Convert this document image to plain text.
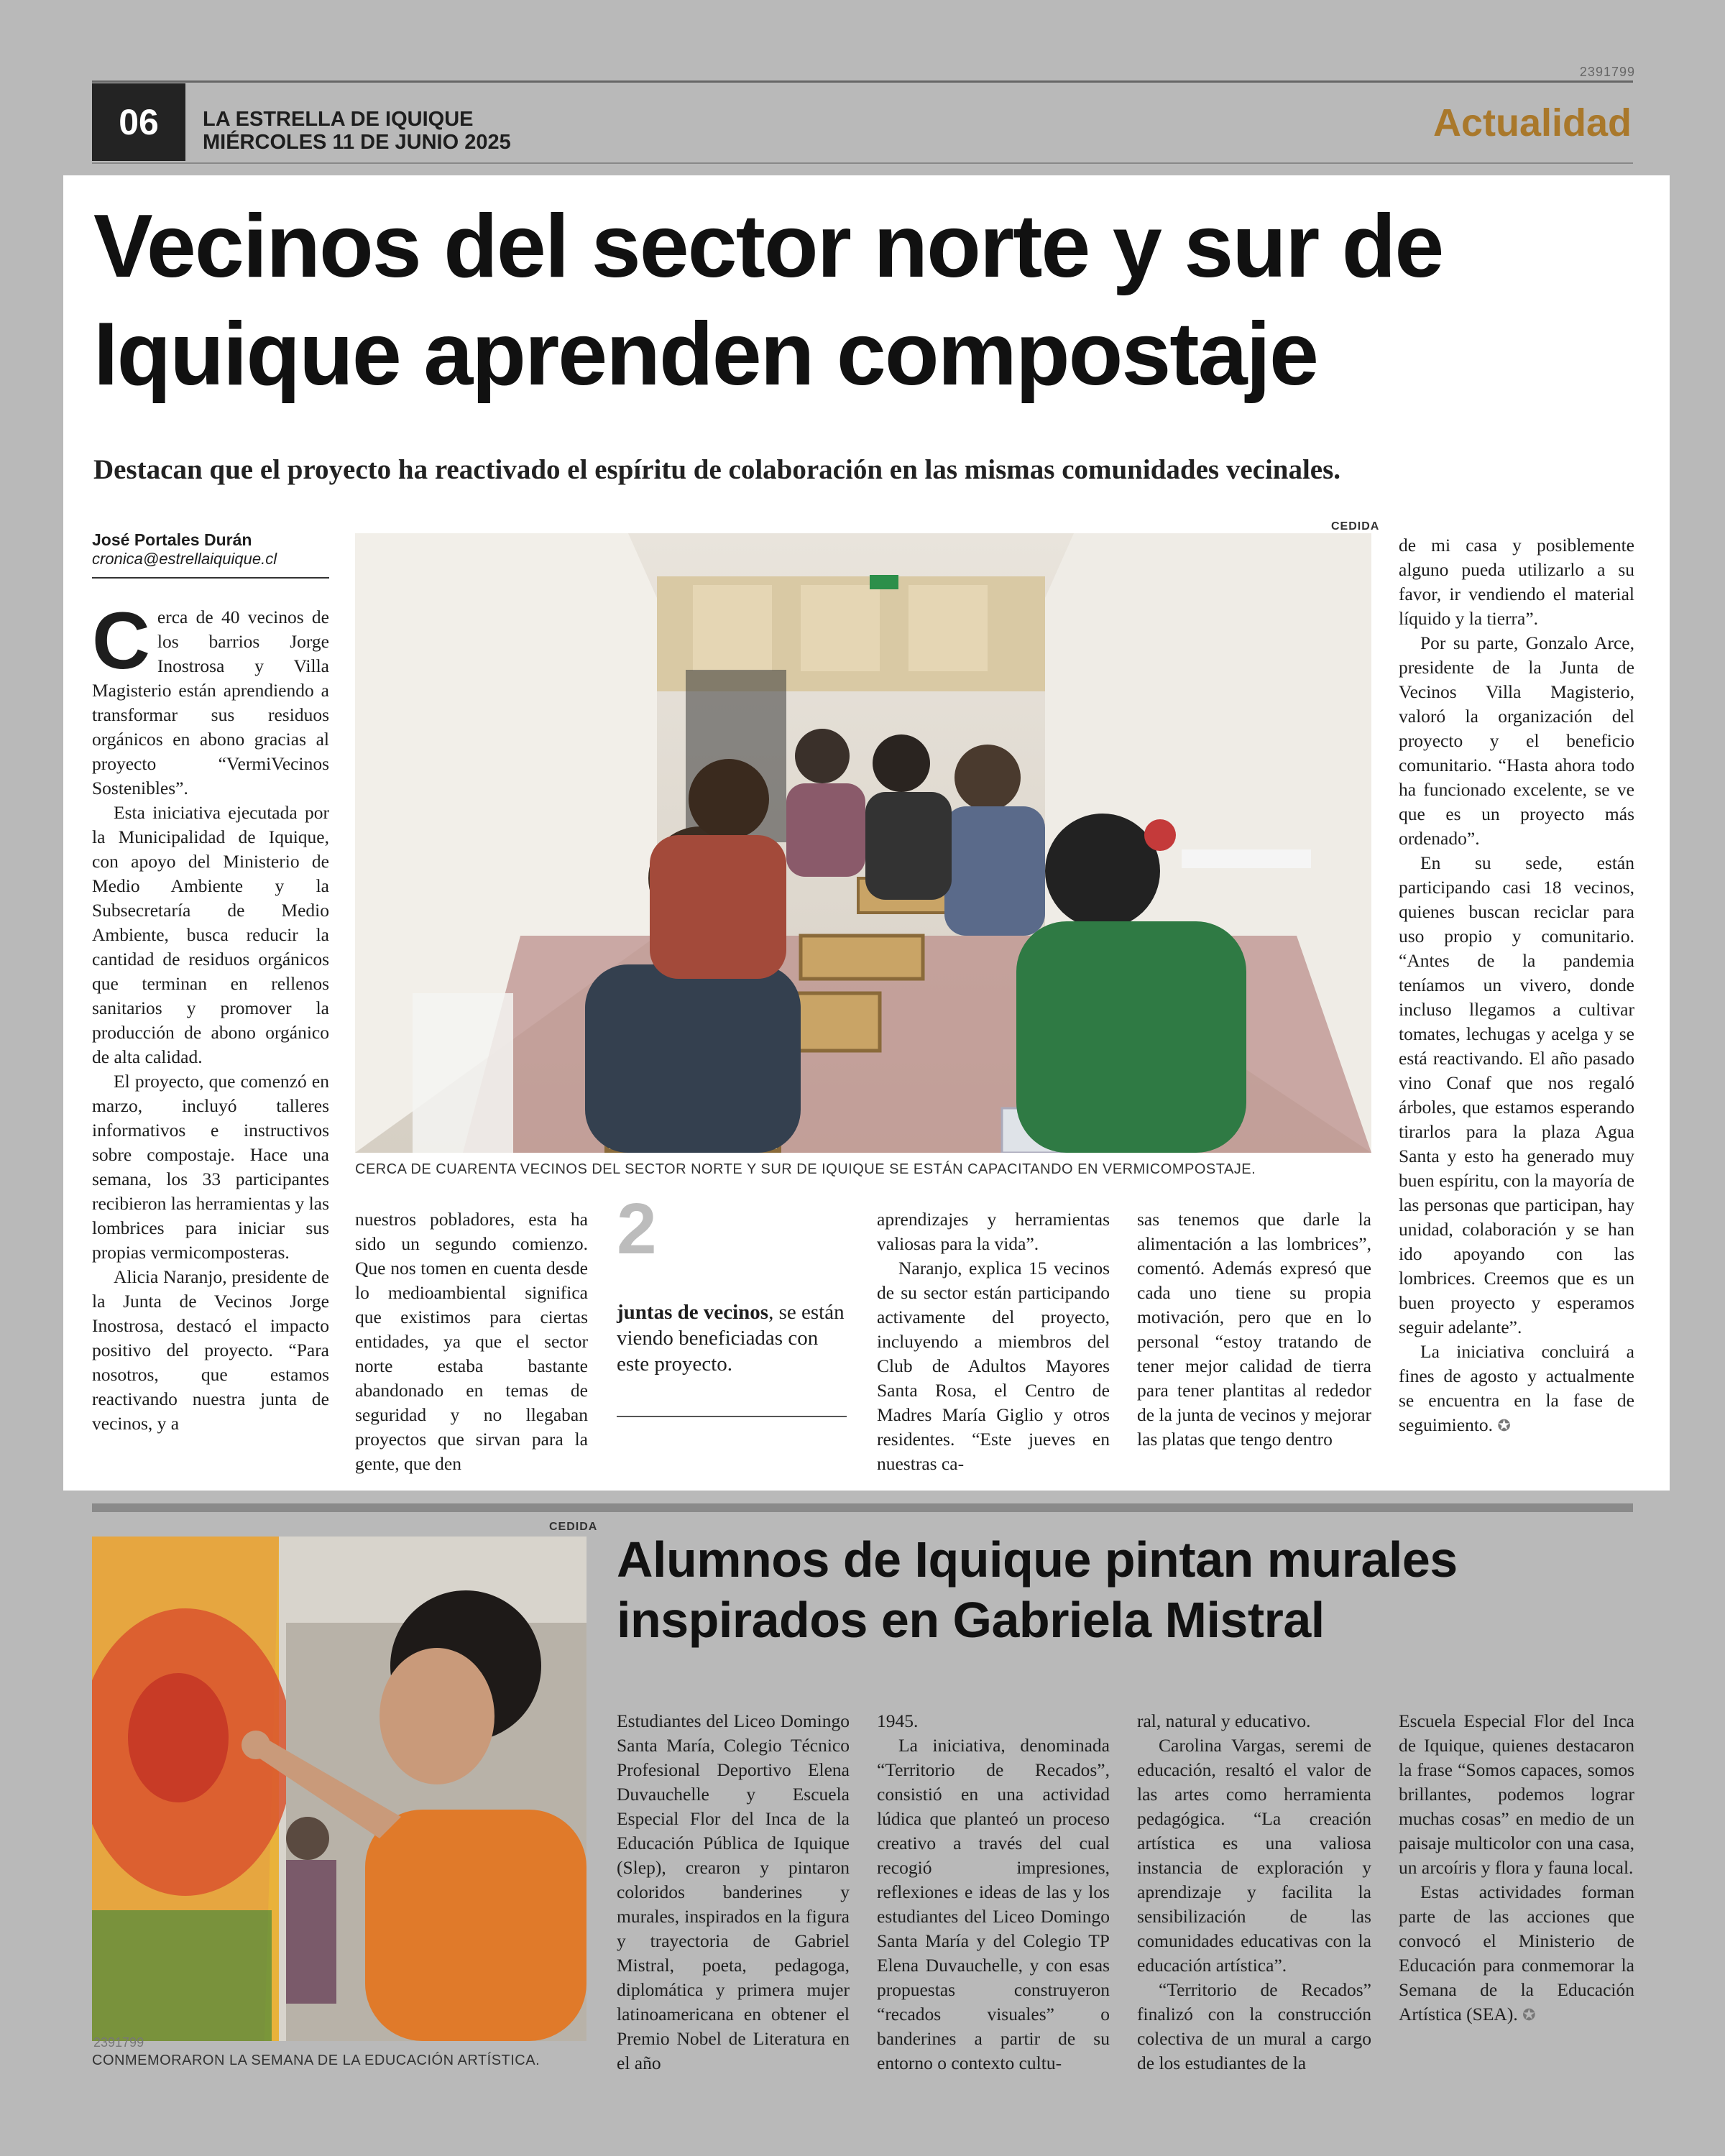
2391799
06	LA ESTRELLA DE IQUIQUE
MIÉRCOLES 11 DE JUNIO 2025	Actualidad
Vecinos del sector norte y sur de Iquique aprenden compostaje
Destacan que el proyecto ha reactivado el espíritu de colaboración en las mismas comunidades vecinales.
José Portales Durán
cronica@estrellaiquique.cl

Cerca de 40 vecinos de los barrios Jorge Inostrosa y Villa Magisterio están aprendiendo a transformar sus residuos orgánicos en abono gracias al proyecto “VermiVecinos Sostenibles”.

Esta iniciativa ejecutada por la Municipalidad de Iquique, con apoyo del Ministerio de Medio Ambiente y la Subsecretaría de Medio Ambiente, busca reducir la cantidad de residuos orgánicos que terminan en rellenos sanitarios y promover la producción de abono orgánico de alta calidad.

El proyecto, que comenzó en marzo, incluyó talleres informativos e instructivos sobre compostaje. Hace una semana, los 33 participantes recibieron las herramientas y las lombrices para iniciar sus propias vermicomposteras.

Alicia Naranjo, presidente de la Junta de Vecinos Jorge Inostrosa, destacó el impacto positivo del proyecto. “Para nosotros, que estamos reactivando nuestra junta de vecinos, y a

CEDIDA
CERCA DE CUARENTA VECINOS DEL SECTOR NORTE Y SUR DE IQUIQUE SE ESTÁN CAPACITANDO EN VERMICOMPOSTAJE.

nuestros pobladores, esta ha sido un segundo comienzo. Que nos tomen en cuenta desde lo medioambiental significa que existimos para ciertas entidades, ya que el sector norte estaba bastante abandonado en temas de seguridad y no llegaban proyectos que sirvan para la gente, que den

2
juntas de vecinos, se están viendo beneficiadas con este proyecto.

aprendizajes y herramientas valiosas para la vida”.

Naranjo, explica 15 vecinos de su sector están participando activamente del proyecto, incluyendo a miembros del Club de Adultos Mayores Santa Rosa, el Centro de Madres María Giglio y otros residentes. “Este jueves en nuestras ca-

sas tenemos que darle la alimentación a las lombrices”, comentó. Además expresó que cada uno tiene su propia motivación, pero que en lo personal “estoy tratando de tener mejor calidad de tierra para tener plantitas al rededor de la junta de vecinos y mejorar las platas que tengo dentro

de mi casa y posiblemente alguno pueda utilizarlo a su favor, ir vendiendo el material líquido y la tierra”.

Por su parte, Gonzalo Arce, presidente de la Junta de Vecinos Villa Magisterio, valoró la organización del proyecto y el beneficio comunitario. “Hasta ahora todo ha funcionado excelente, se ve que es un proyecto más ordenado”.

En su sede, están participando casi 18 vecinos, quienes buscan reciclar para uso propio y comunitario. “Antes de la pandemia teníamos un vivero, donde incluso llegamos a cultivar tomates, lechugas y acelga y se está reactivando. El año pasado vino Conaf que nos regaló árboles, que estamos esperando tirarlos para la plaza Agua Santa y esto ha generado muy buen espíritu, con la mayoría de las personas que participan, hay unidad, colaboración y se han ido apoyando con las lombrices. Creemos que es un buen proyecto y esperamos seguir adelante”.

La iniciativa concluirá a fines de agosto y actualmente se encuentra en la fase de seguimiento. ✪

CEDIDA
2391799
CONMEMORARON LA SEMANA DE LA EDUCACIÓN ARTÍSTICA.
Alumnos de Iquique pintan murales inspirados en Gabriela Mistral

Estudiantes del Liceo Domingo Santa María, Colegio Técnico Profesional Deportivo Elena Duvauchelle y Escuela Especial Flor del Inca de la Educación Pública de Iquique (Slep), crearon y pintaron coloridos banderines y murales, inspirados en la figura y trayectoria de Gabriel Mistral, poeta, pedagoga, diplomática y primera mujer latinoamericana en obtener el Premio Nobel de Literatura en el año

1945.

La iniciativa, denominada “Territorio de Recados”, consistió en una actividad lúdica que planteó un proceso creativo a través del cual recogió impresiones, reflexiones e ideas de las y los estudiantes del Liceo Domingo Santa María y del Colegio TP Elena Duvauchelle, y con esas propuestas construyeron “recados visuales” o banderines a partir de su entorno o contexto cultu-

ral, natural y educativo.

Carolina Vargas, seremi de educación, resaltó el valor de las artes como herramienta pedagógica. “La creación artística es una valiosa instancia de exploración y aprendizaje y facilita la sensibilización de las comunidades educativas con la educación artística”.

“Territorio de Recados” finalizó con la construcción colectiva de un mural a cargo de los estudiantes de la

Escuela Especial Flor del Inca de Iquique, quienes destacaron la frase “Somos capaces, somos brillantes, podemos lograr muchas cosas” en medio de un paisaje multicolor con una casa, un arcoíris y flora y fauna local.

Estas actividades forman parte de las acciones que convocó el Ministerio de Educación para conmemorar la Semana de la Educación Artística (SEA). ✪
